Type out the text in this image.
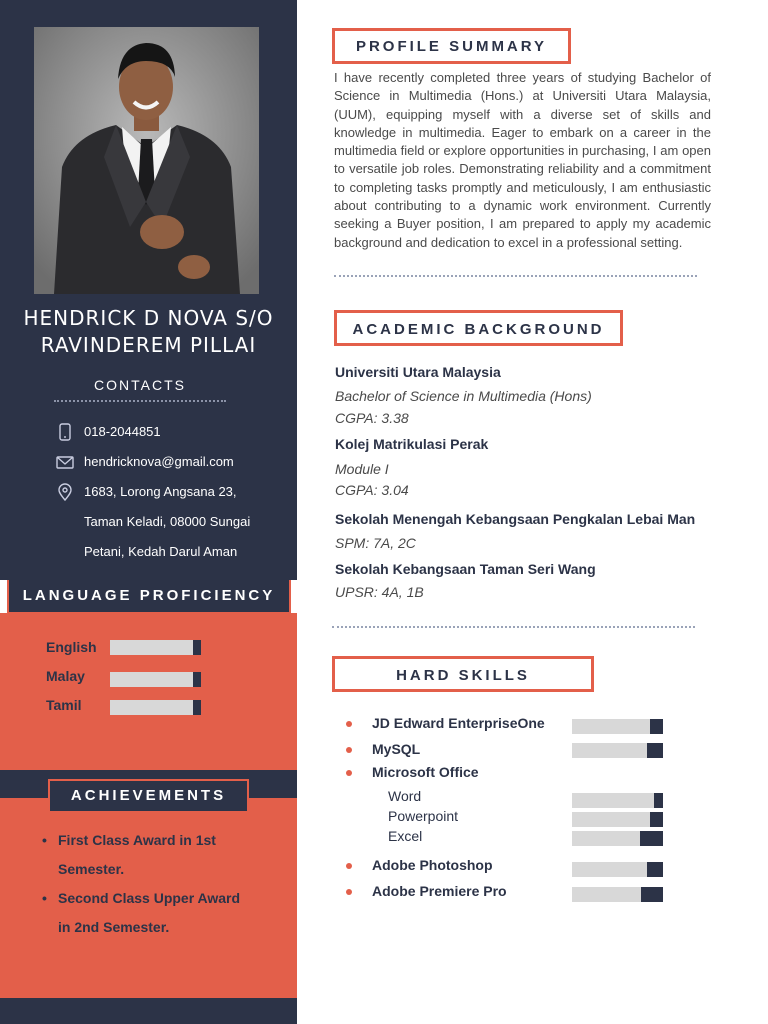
HENDRICK D NOVA S/O
RAVINDEREM PILLAI
CONTACTS
018-2044851
hendricknova@gmail.com
1683, Lorong Angsana 23,
Taman Keladi, 08000 Sungai
Petani, Kedah Darul Aman
LANGUAGE PROFICIENCY
English
Malay
Tamil
ACHIEVEMENTS
• First Class Award in 1st
Semester.
• Second Class Upper Award
in 2nd Semester.
PROFILE SUMMARY
I have recently completed three years of studying Bachelor of Science in Multimedia (Hons.) at Universiti Utara Malaysia, (UUM), equipping myself with a diverse set of skills and knowledge in multimedia. Eager to embark on a career in the multimedia field or explore opportunities in purchasing, I am open to versatile job roles. Demonstrating reliability and a commitment to completing tasks promptly and meticulously, I am enthusiastic about contributing to a dynamic work environment. Currently seeking a Buyer position, I am prepared to apply my academic background and dedication to excel in a professional setting.
ACADEMIC BACKGROUND
Universiti Utara Malaysia
Bachelor of Science in Multimedia (Hons)
CGPA: 3.38
Kolej Matrikulasi Perak
Module I
CGPA: 3.04
Sekolah Menengah Kebangsaan Pengkalan Lebai Man
SPM: 7A, 2C
Sekolah Kebangsaan Taman Seri Wang
UPSR: 4A, 1B
HARD SKILLS
JD Edward EnterpriseOne
MySQL
Microsoft Office
Word
Powerpoint
Excel
Adobe Photoshop
Adobe Premiere Pro
